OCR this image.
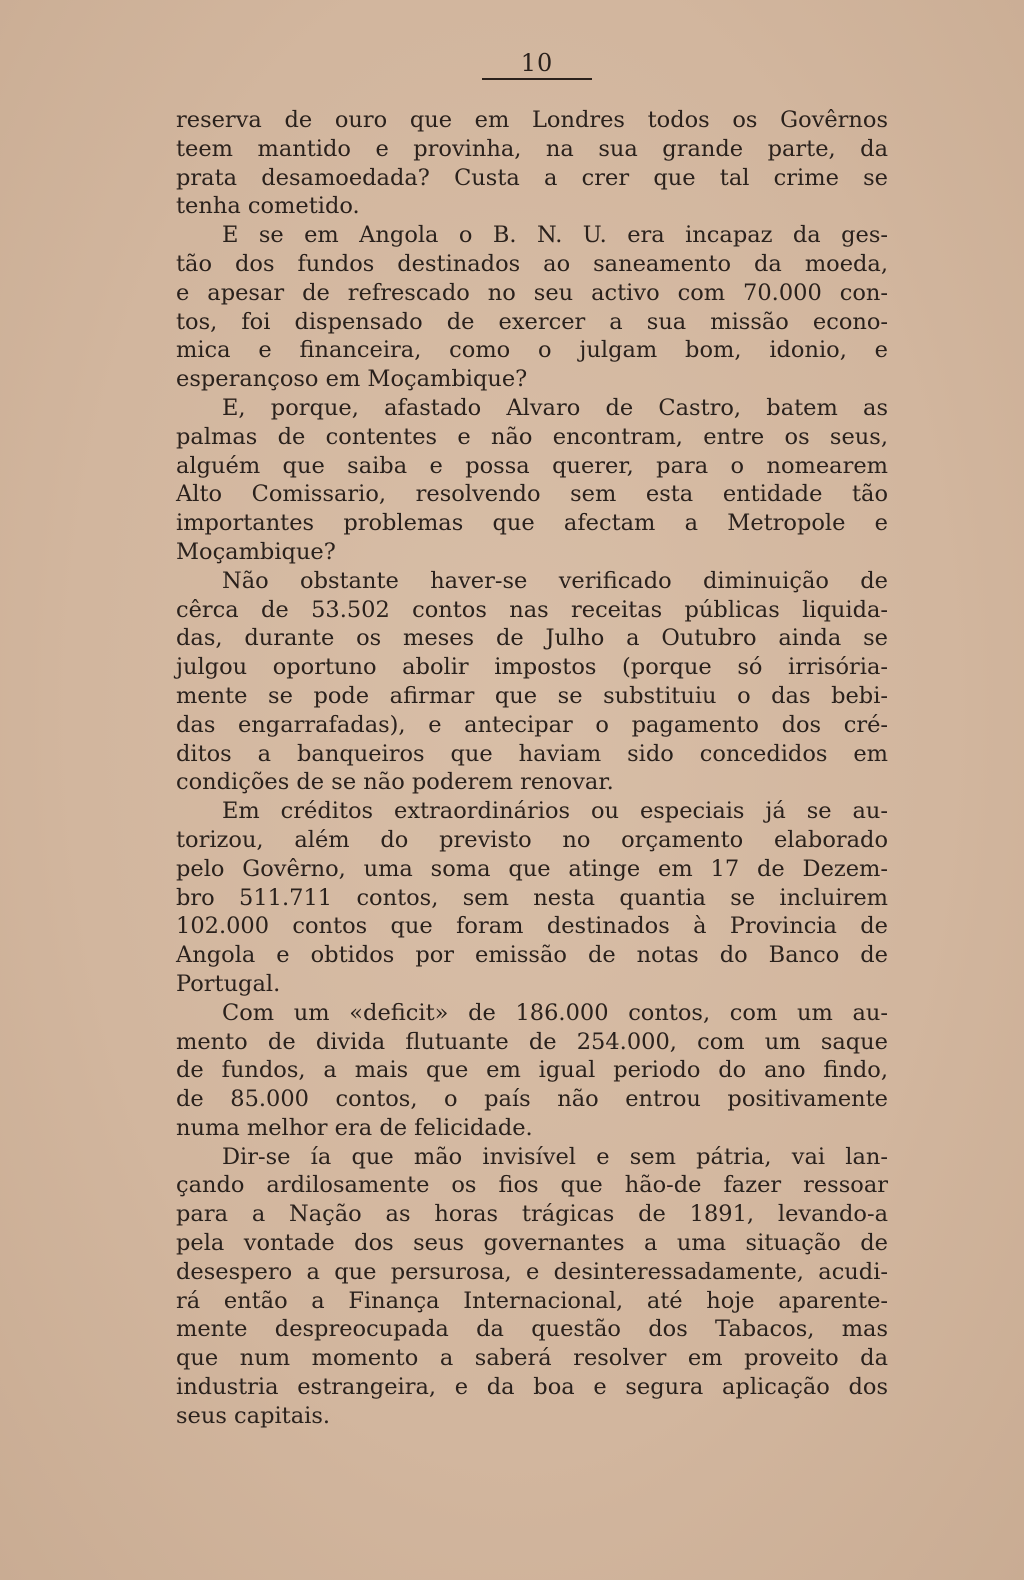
10
reserva de ouro que em Londres todos os Govêrnos
teem mantido e provinha, na sua grande parte, da
prata desamoedada? Custa a crer que tal crime se
tenha cometido.
E se em Angola o B. N. U. era incapaz da ges-
tão dos fundos destinados ao saneamento da moeda,
e apesar de refrescado no seu activo com 70.000 con-
tos, foi dispensado de exercer a sua missão econo-
mica e financeira, como o julgam bom, idonio, e
esperançoso em Moçambique?
E, porque, afastado Alvaro de Castro, batem as
palmas de contentes e não encontram, entre os seus,
alguém que saiba e possa querer, para o nomearem
Alto Comissario, resolvendo sem esta entidade tão
importantes problemas que afectam a Metropole e
Moçambique?
Não obstante haver-se verificado diminuição de
cêrca de 53.502 contos nas receitas públicas liquida-
das, durante os meses de Julho a Outubro ainda se
julgou oportuno abolir impostos (porque só irrisória-
mente se pode afirmar que se substituiu o das bebi-
das engarrafadas), e antecipar o pagamento dos cré-
ditos a banqueiros que haviam sido concedidos em
condições de se não poderem renovar.
Em créditos extraordinários ou especiais já se au-
torizou, além do previsto no orçamento elaborado
pelo Govêrno, uma soma que atinge em 17 de Dezem-
bro 511.711 contos, sem nesta quantia se incluirem
102.000 contos que foram destinados à Provincia de
Angola e obtidos por emissão de notas do Banco de
Portugal.
Com um «deficit» de 186.000 contos, com um au-
mento de divida flutuante de 254.000, com um saque
de fundos, a mais que em igual periodo do ano findo,
de 85.000 contos, o país não entrou positivamente
numa melhor era de felicidade.
Dir-se ía que mão invisível e sem pátria, vai lan-
çando ardilosamente os fios que hão-de fazer ressoar
para a Nação as horas trágicas de 1891, levando-a
pela vontade dos seus governantes a uma situação de
desespero a que persurosa, e desinteressadamente, acudi-
rá então a Finança Internacional, até hoje aparente-
mente despreocupada da questão dos Tabacos, mas
que num momento a saberá resolver em proveito da
industria estrangeira, e da boa e segura aplicação dos
seus capitais.
